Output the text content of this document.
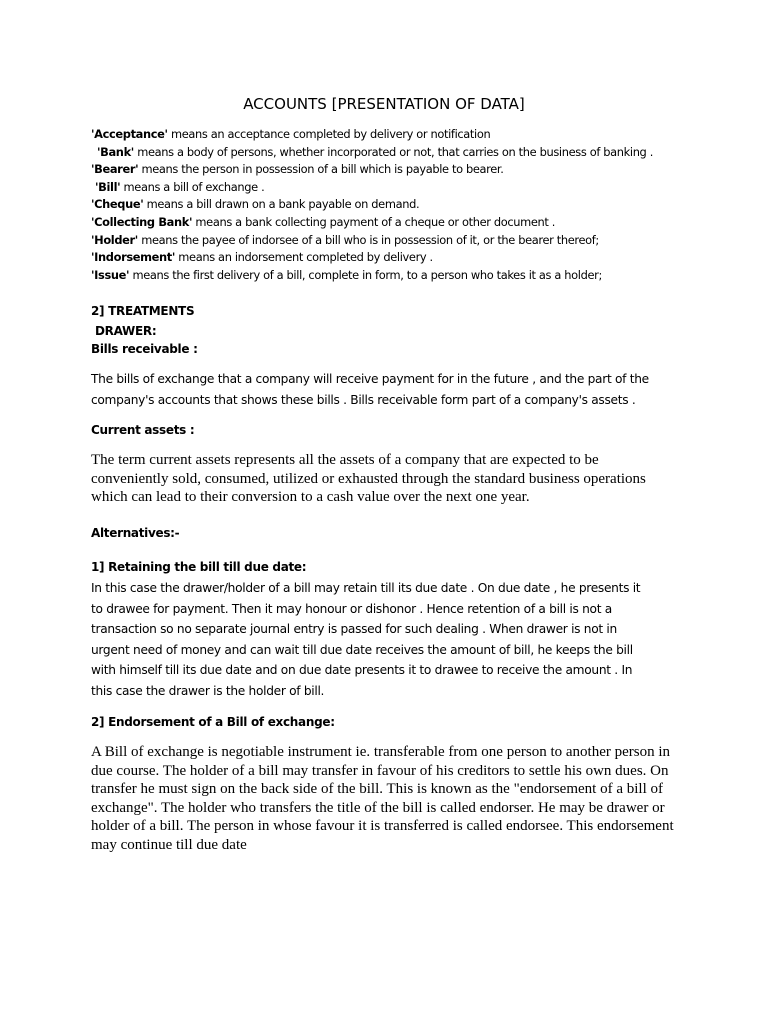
ACCOUNTS [PRESENTATION OF DATA]
'Acceptance' means an acceptance completed by delivery or notification
'Bank' means a body of persons, whether incorporated or not, that carries on the business of banking .
'Bearer' means the person in possession of a bill which is payable to bearer.
'Bill' means a bill of exchange .
'Cheque' means a bill drawn on a bank payable on demand.
'Collecting Bank' means a bank collecting payment of a cheque or other document .
'Holder' means the payee of indorsee of a bill who is in possession of it, or the bearer thereof;
'Indorsement' means an indorsement completed by delivery .
'Issue' means the first delivery of a bill, complete in form, to a person who takes it as a holder;
2] TREATMENTS
DRAWER:
Bills receivable :
The bills of exchange that a company will receive payment for in the future , and the part of the
company's accounts that shows these bills . Bills receivable form part of a company's assets .
Current assets :
The term current assets represents all the assets of a company that are expected to be
conveniently sold, consumed, utilized or exhausted through the standard business operations
which can lead to their conversion to a cash value over the next one year.
Alternatives:-
1] Retaining the bill till due date:
In this case the drawer/holder of a bill may retain till its due date . On due date , he presents it
to drawee for payment. Then it may honour or dishonor . Hence retention of a bill is not a
transaction so no separate journal entry is passed for such dealing . When drawer is not in
urgent need of money and can wait till due date receives the amount of bill, he keeps the bill
with himself till its due date and on due date presents it to drawee to receive the amount . In
this case the drawer is the holder of bill.
2] Endorsement of a Bill of exchange:
A Bill of exchange is negotiable instrument ie. transferable from one person to another person in
due course. The holder of a bill may transfer in favour of his creditors to settle his own dues. On
transfer he must sign on the back side of the bill. This is known as the "endorsement of a bill of
exchange". The holder who transfers the title of the bill is called endorser. He may be drawer or
holder of a bill. The person in whose favour it is transferred is called endorsee. This endorsement
may continue till due date
